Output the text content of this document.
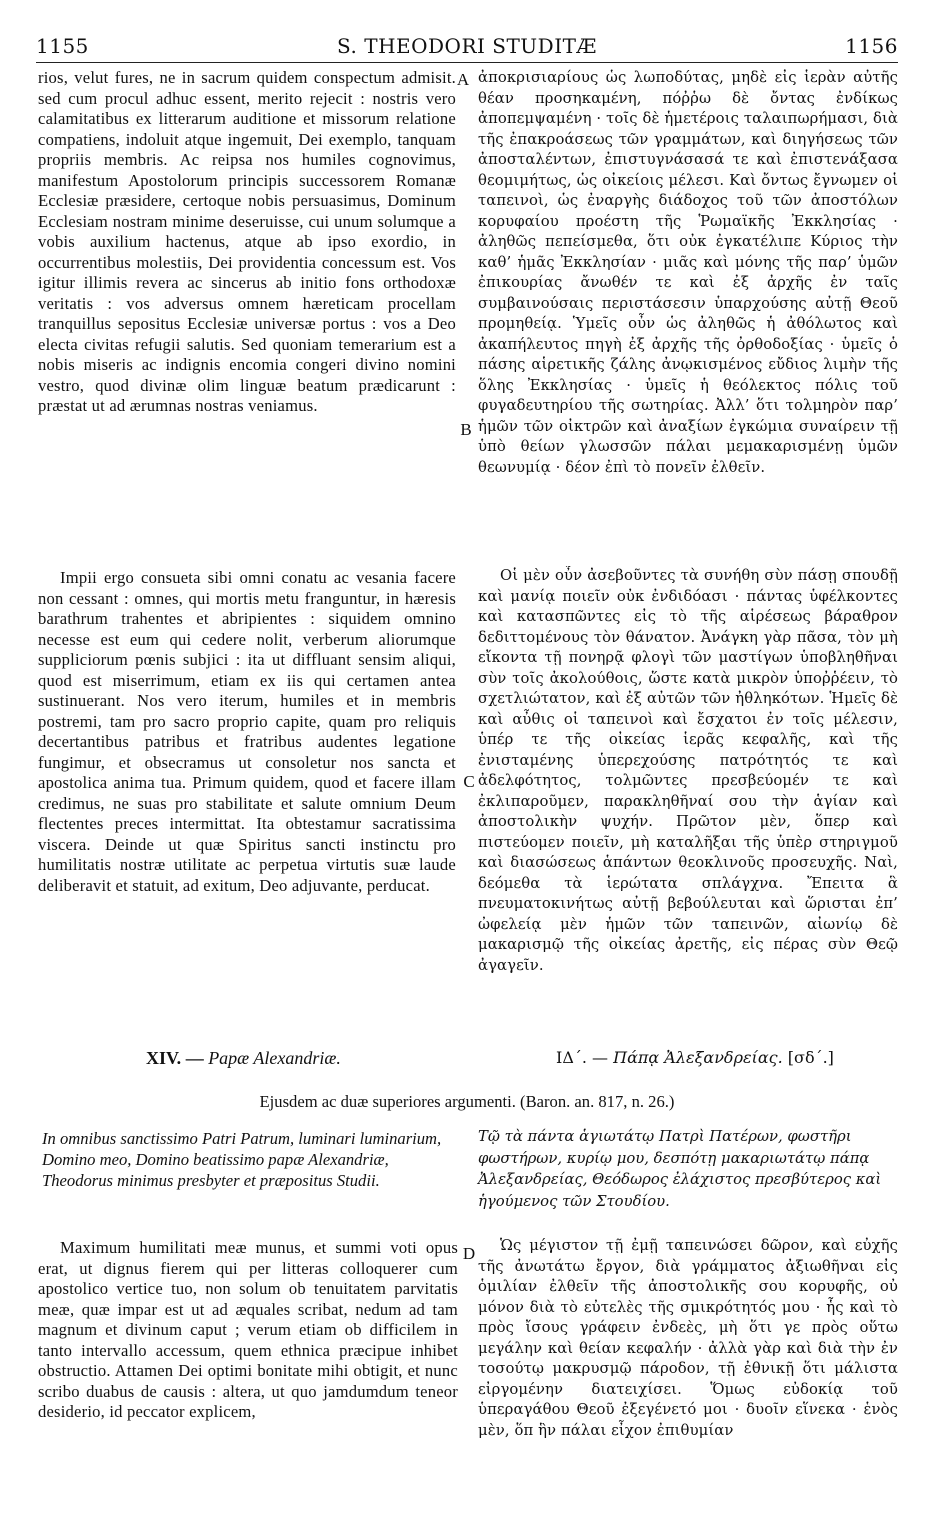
1155	S. THEODORI STUDITÆ	1156

rios, velut fures, ne in sacrum quidem conspectum admisit. sed cum procul adhuc essent, merito rejecit : nostris vero calamitatibus ex litterarum auditione et missorum relatione compatiens, indoluit atque ingemuit, Dei exemplo, tanquam propriis membris. Ac reipsa nos humiles cognovimus, manifestum Apostolorum principis successorem Romanæ Ecclesiæ præsidere, certoque nobis persuasimus, Dominum Ecclesiam nostram minime deseruisse, cui unum solumque a vobis auxilium hactenus, atque ab ipso exordio, in occurrentibus molestiis, Dei providentia concessum est. Vos igitur illimis revera ac sincerus ab initio fons orthodoxæ veritatis : vos adversus omnem hæreticam procellam tranquillus sepositus Ecclesiæ universæ portus : vos a Deo electa civitas refugii salutis. Sed quoniam temerarium est a nobis miseris ac indignis encomia congeri divino nomini vestro, quod divinæ olim linguæ beatum prædicarunt : præstat ut ad ærumnas nostras veniamus.

Impii ergo consueta sibi omni conatu ac vesania facere non cessant : omnes, qui mortis metu franguntur, in hæresis barathrum trahentes et abripientes : siquidem omnino necesse est eum qui cedere nolit, verberum aliorumque suppliciorum pœnis subjici : ita ut diffluant sensim aliqui, quod est miserrimum, etiam ex iis qui certamen antea sustinuerant. Nos vero iterum, humiles et in membris postremi, tam pro sacro proprio capite, quam pro reliquis decertantibus patribus et fratribus audentes legatione fungimur, et obsecramus ut consoletur nos sancta et apostolica anima tua. Primum quidem, quod et facere illam credimus, ne suas pro stabilitate et salute omnium Deum flectentes preces intermittat. Ita obtestamur sacratissima viscera. Deinde ut quæ Spiritus sancti instinctu pro humilitatis nostræ utilitate ac perpetua virtutis suæ laude deliberavit et statuit, ad exitum, Deo adjuvante, perducat.

A
B
C
D

ἀποκρισιαρίους ὡς λωποδύτας, μηδὲ εἰς ἱερὰν αὐτῆς θέαν προσηκαμένη, πόῤῥω δὲ ὄντας ἐνδίκως ἀποπεμψαμένη · τοῖς δὲ ἡμετέροις ταλαιπωρήμασι, διὰ τῆς ἐπακροάσεως τῶν γραμμάτων, καὶ διηγήσεως τῶν ἀποσταλέντων, ἐπιστυγνάσασά τε καὶ ἐπιστενάξασα θεομιμήτως, ὡς οἰκείοις μέλεσι. Καὶ ὄντως ἔγνωμεν οἱ ταπεινοὶ, ὡς ἐναργὴς διάδοχος τοῦ τῶν ἀποστόλων κορυφαίου προέστη τῆς Ῥωμαϊκῆς Ἐκκλησίας · ἀληθῶς πεπείσμεθα, ὅτι οὐκ ἐγκατέλιπε Κύριος τὴν καθ’ ἡμᾶς Ἐκκλησίαν · μιᾶς καὶ μόνης τῆς παρ’ ὑμῶν ἐπικουρίας ἄνωθέν τε καὶ ἐξ ἀρχῆς ἐν ταῖς συμβαινούσαις περιστάσεσιν ὑπαρχούσης αὐτῇ Θεοῦ προμηθείᾳ. Ὑμεῖς οὖν ὡς ἀληθῶς ἡ ἀθόλωτος καὶ ἀκαπήλευτος πηγὴ ἐξ ἀρχῆς τῆς ὀρθοδοξίας · ὑμεῖς ὁ πάσης αἱρετικῆς ζάλης ἀνῳκισμένος εὔδιος λιμὴν τῆς ὅλης Ἐκκλησίας · ὑμεῖς ἡ θεόλεκτος πόλις τοῦ φυγαδευτηρίου τῆς σωτηρίας. Ἀλλ’ ὅτι τολμηρὸν παρ’ ἡμῶν τῶν οἰκτρῶν καὶ ἀναξίων ἐγκώμια συναίρειν τῇ ὑπὸ θείων γλωσσῶν πάλαι μεμακαρισμένῃ ὑμῶν θεωνυμίᾳ · δέον ἐπὶ τὸ πονεῖν ἐλθεῖν.

Οἱ μὲν οὖν ἀσεβοῦντες τὰ συνήθη σὺν πάσῃ σπουδῇ καὶ μανίᾳ ποιεῖν οὐκ ἐνδιδόασι · πάντας ὑφέλκοντες καὶ κατασπῶντες εἰς τὸ τῆς αἱρέσεως βάραθρον δεδιττομένους τὸν θάνατον. Ἀνάγκη γὰρ πᾶσα, τὸν μὴ εἴκοντα τῇ πονηρᾷ φλογὶ τῶν μαστίγων ὑποβληθῆναι σὺν τοῖς ἀκολούθοις, ὥστε κατὰ μικρὸν ὑποῤῥέειν, τὸ σχετλιώτατον, καὶ ἐξ αὐτῶν τῶν ἠθληκότων. Ἡμεῖς δὲ καὶ αὖθις οἱ ταπεινοὶ καὶ ἔσχατοι ἐν τοῖς μέλεσιν, ὑπέρ τε τῆς οἰκείας ἱερᾶς κεφαλῆς, καὶ τῆς ἐνισταμένης ὑπερεχούσης πατρότητός τε καὶ ἀδελφότητος, τολμῶντες πρεσβεύομέν τε καὶ ἐκλιπαροῦμεν, παρακληθῆναί σου τὴν ἁγίαν καὶ ἀποστολικὴν ψυχήν. Πρῶτον μὲν, ὅπερ καὶ πιστεύομεν ποιεῖν, μὴ καταλῆξαι τῆς ὑπὲρ στηριγμοῦ καὶ διασώσεως ἁπάντων θεοκλινοῦς προσευχῆς. Ναὶ, δεόμεθα τὰ ἱερώτατα σπλάγχνα. Ἔπειτα ἃ πνευματοκινήτως αὐτῇ βεβούλευται καὶ ὥρισται ἐπ’ ὠφελείᾳ μὲν ἡμῶν τῶν ταπεινῶν, αἰωνίῳ δὲ μακαρισμῷ τῆς οἰκείας ἀρετῆς, εἰς πέρας σὺν Θεῷ ἀγαγεῖν.

XIV. — Papæ Alexandriæ.	ΙΔ΄. — Πάπᾳ Ἀλεξανδρείας. [σδ΄.]
Ejusdem ac duæ superiores argumenti. (Baron. an. 817, n. 26.)
In omnibus sanctissimo Patri Patrum, luminari luminarium, Domino meo, Domino beatissimo papæ Alexandriæ, Theodorus minimus presbyter et præpositus Studii.
Τῷ τὰ πάντα ἁγιωτάτῳ Πατρὶ Πατέρων, φωστῆρι φωστήρων, κυρίῳ μου, δεσπότῃ μακαριωτάτῳ πάπᾳ Ἀλεξανδρείας, Θεόδωρος ἐλάχιστος πρεσβύτερος καὶ ἡγούμενος τῶν Στουδίου.

Maximum humilitati meæ munus, et summi voti opus erat, ut dignus fierem qui per litteras colloquerer cum apostolico vertice tuo, non solum ob tenuitatem parvitatis meæ, quæ impar est ut ad æquales scribat, nedum ad tam magnum et divinum caput ; verum etiam ob difficilem in tanto intervallo accessum, quem ethnica præcipue inhibet obstructio. Attamen Dei optimi bonitate mihi obtigit, et nunc scribo duabus de causis : altera, ut quo jamdumdum teneor desiderio, id peccator explicem,

Ὡς μέγιστον τῇ ἐμῇ ταπεινώσει δῶρον, καὶ εὐχῆς τῆς ἀνωτάτω ἔργον, διὰ γράμματος ἀξιωθῆναι εἰς ὁμιλίαν ἐλθεῖν τῆς ἀποστολικῆς σου κορυφῆς, οὐ μόνον διὰ τὸ εὐτελὲς τῆς σμικρότητός μου · ἧς καὶ τὸ πρὸς ἴσους γράφειν ἐνδεὲς, μὴ ὅτι γε πρὸς οὕτω μεγάλην καὶ θείαν κεφαλήν · ἀλλὰ γὰρ καὶ διὰ τὴν ἐν τοσούτῳ μακρυσμῷ πάροδον, τῇ ἐθνικῇ ὅτι μάλιστα εἰργομένην διατειχίσει. Ὅμως εὐδοκίᾳ τοῦ ὑπεραγάθου Θεοῦ ἐξεγένετό μοι · δυοῖν εἵνεκα · ἑνὸς μὲν, ὅπ ἣν πάλαι εἶχον ἐπιθυμίαν
